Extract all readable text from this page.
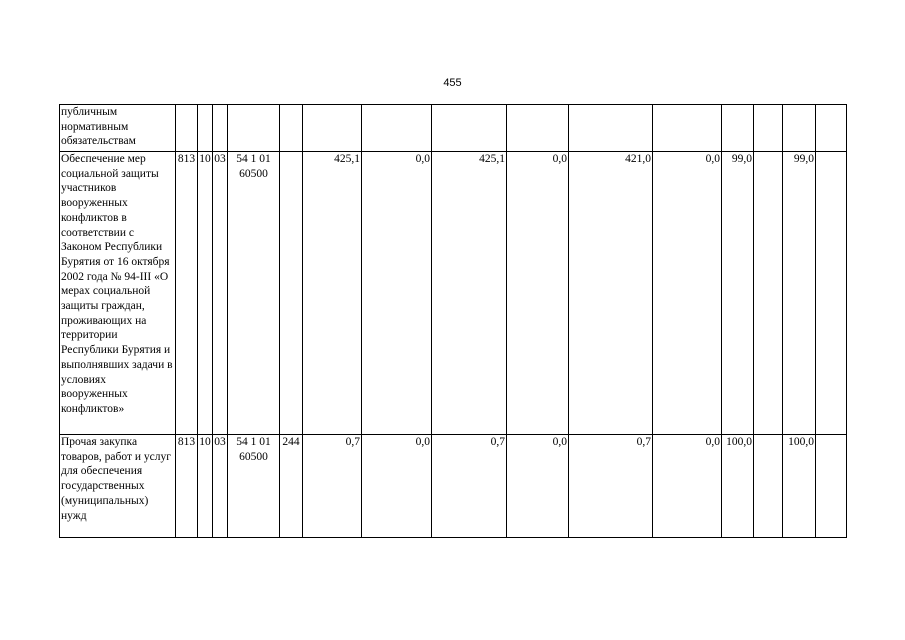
455
публичным нормативным обязательствам															
Обеспечение мер социальной защиты участников вооруженных конфликтов в соответствии с Законом Республики Бурятия от 16 октября 2002 года № 94-III «О мерах социальной защиты граждан, проживающих на территории Республики Бурятия и выполнявших задачи в условиях вооруженных конфликтов»	813	10	03	54 1 01 60500		425,1	0,0	425,1	0,0	421,0	0,0	99,0		99,0	
Прочая закупка товаров, работ и услуг для обеспечения государственных (муниципальных) нужд	813	10	03	54 1 01 60500	244	0,7	0,0	0,7	0,0	0,7	0,0	100,0		100,0	
